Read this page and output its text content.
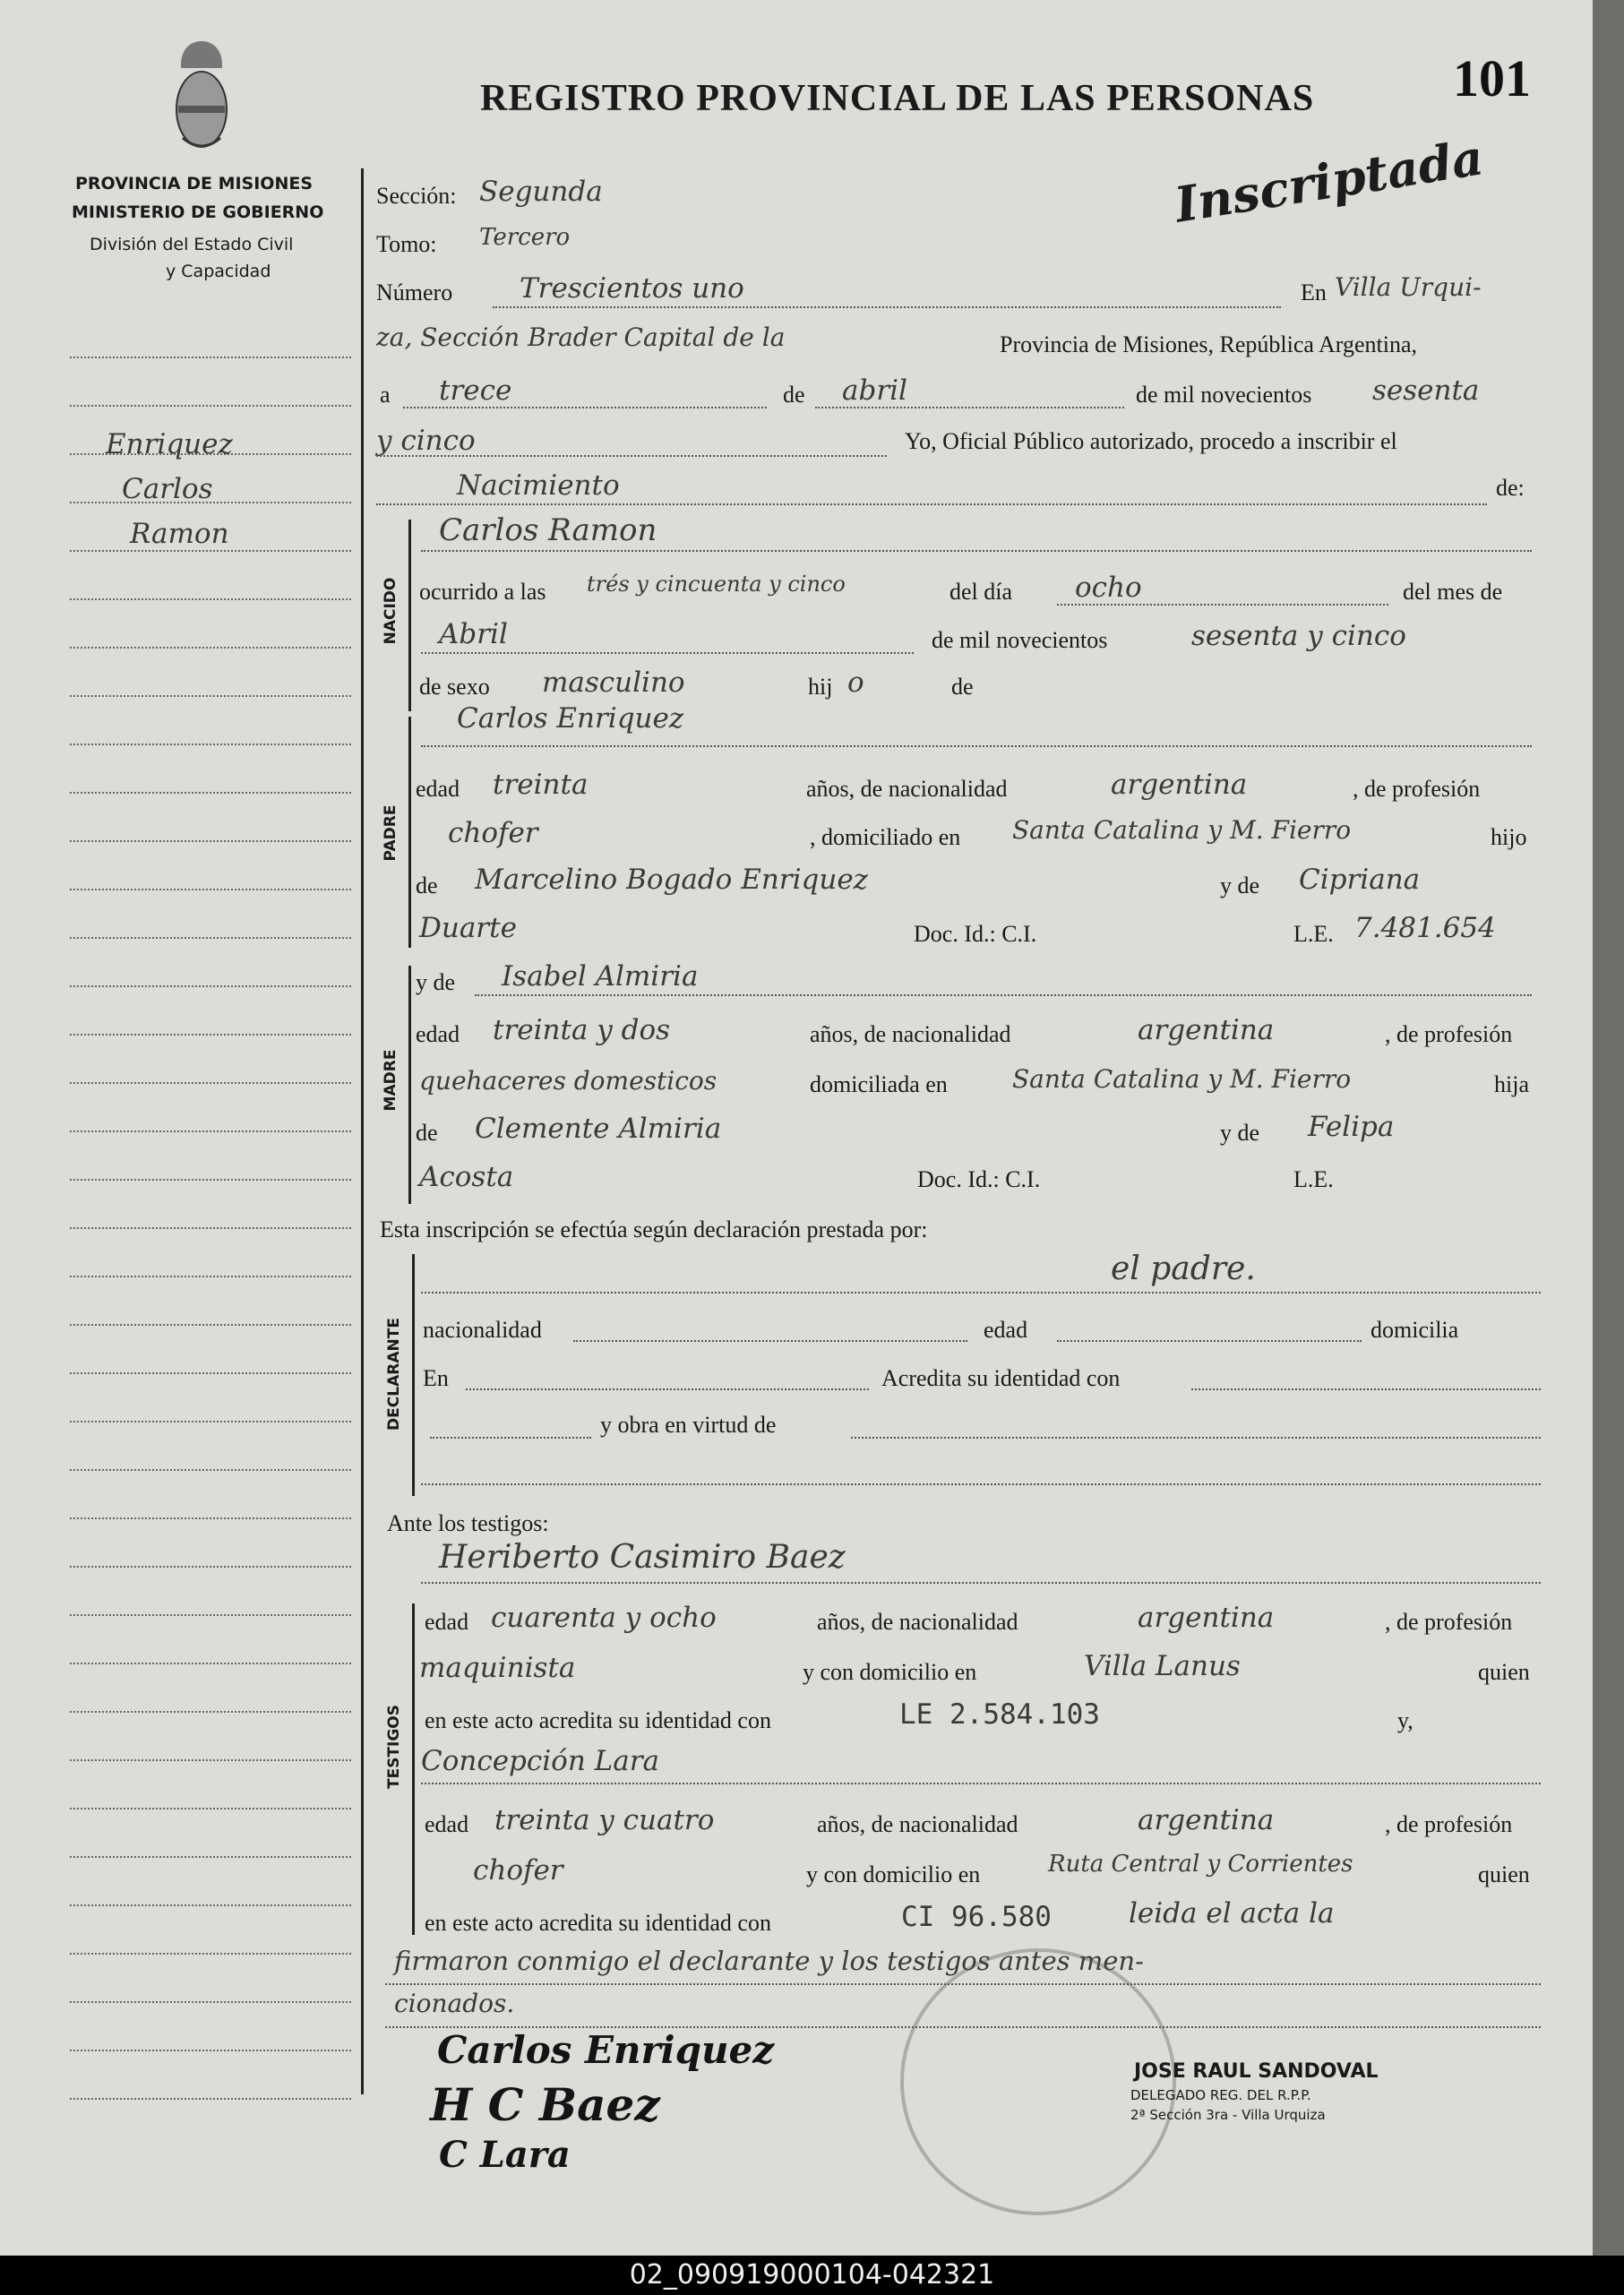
PROVINCIA DE MISIONES
MINISTERIO DE GOBIERNO
División del Estado Civil
y Capacidad
REGISTRO PROVINCIAL DE LAS PERSONAS	101
Inscriptada
Enriquez
Carlos
Ramon
Sección: Segunda
Tomo: Tercero
Número Trescientos uno	En Villa Urqui-
za, Sección Brader Capital de la	Provincia de Misiones, República Argentina,
a trece	de abril	de mil novecientos sesenta
y cinco	Yo, Oficial Público autorizado, procedo a inscribir el
Nacimiento	de:
NACIDO
Carlos Ramon
ocurrido a las trés y cincuenta y cinco	del día ocho	del mes de
Abril	de mil novecientos	sesenta y cinco
de sexo masculino	hij o	de
PADRE
Carlos Enriquez
edad treinta	años, de nacionalidad	argentina	, de profesión
chofer	, domiciliado en Santa Catalina y M. Fierro	hijo
de Marcelino Bogado Enriquez	y de Cipriana
Duarte	Doc. Id.: C.I.	L.E. 7.481.654
MADRE
y de Isabel Almiria
edad treinta y dos	años, de nacionalidad	argentina	, de profesión
quehaceres domesticos	domiciliada en	Santa Catalina y M. Fierro	hija
de Clemente Almiria	y de Felipa
Acosta	Doc. Id.: C.I.	L.E.
Esta inscripción se efectúa según declaración prestada por:
el padre.
DECLARANTE nacionalidad	edad	domicilia
En	Acredita su identidad con
y obra en virtud de
Ante los testigos:
TESTIGOS
Heriberto Casimiro Baez
edad cuarenta y ocho	años, de nacionalidad	argentina	, de profesión
maquinista	y con domicilio en	Villa Lanus	quien
en este acto acredita su identidad con	LE 2.584.103	y,
Concepción Lara
edad treinta y cuatro	años, de nacionalidad	argentina	, de profesión
chofer	y con domicilio en	Ruta Central y Corrientes	quien
en este acto acredita su identidad con	CI 96.580	leida el acta la
firmaron conmigo el declarante y los testigos antes men-
cionados.
Carlos Enriquez
H C Baez
C Lara
JOSE RAUL SANDOVAL
DELEGADO REG. DEL R.P.P.
2ª Sección 3ra - Villa Urquiza
02_090919000104-042321
